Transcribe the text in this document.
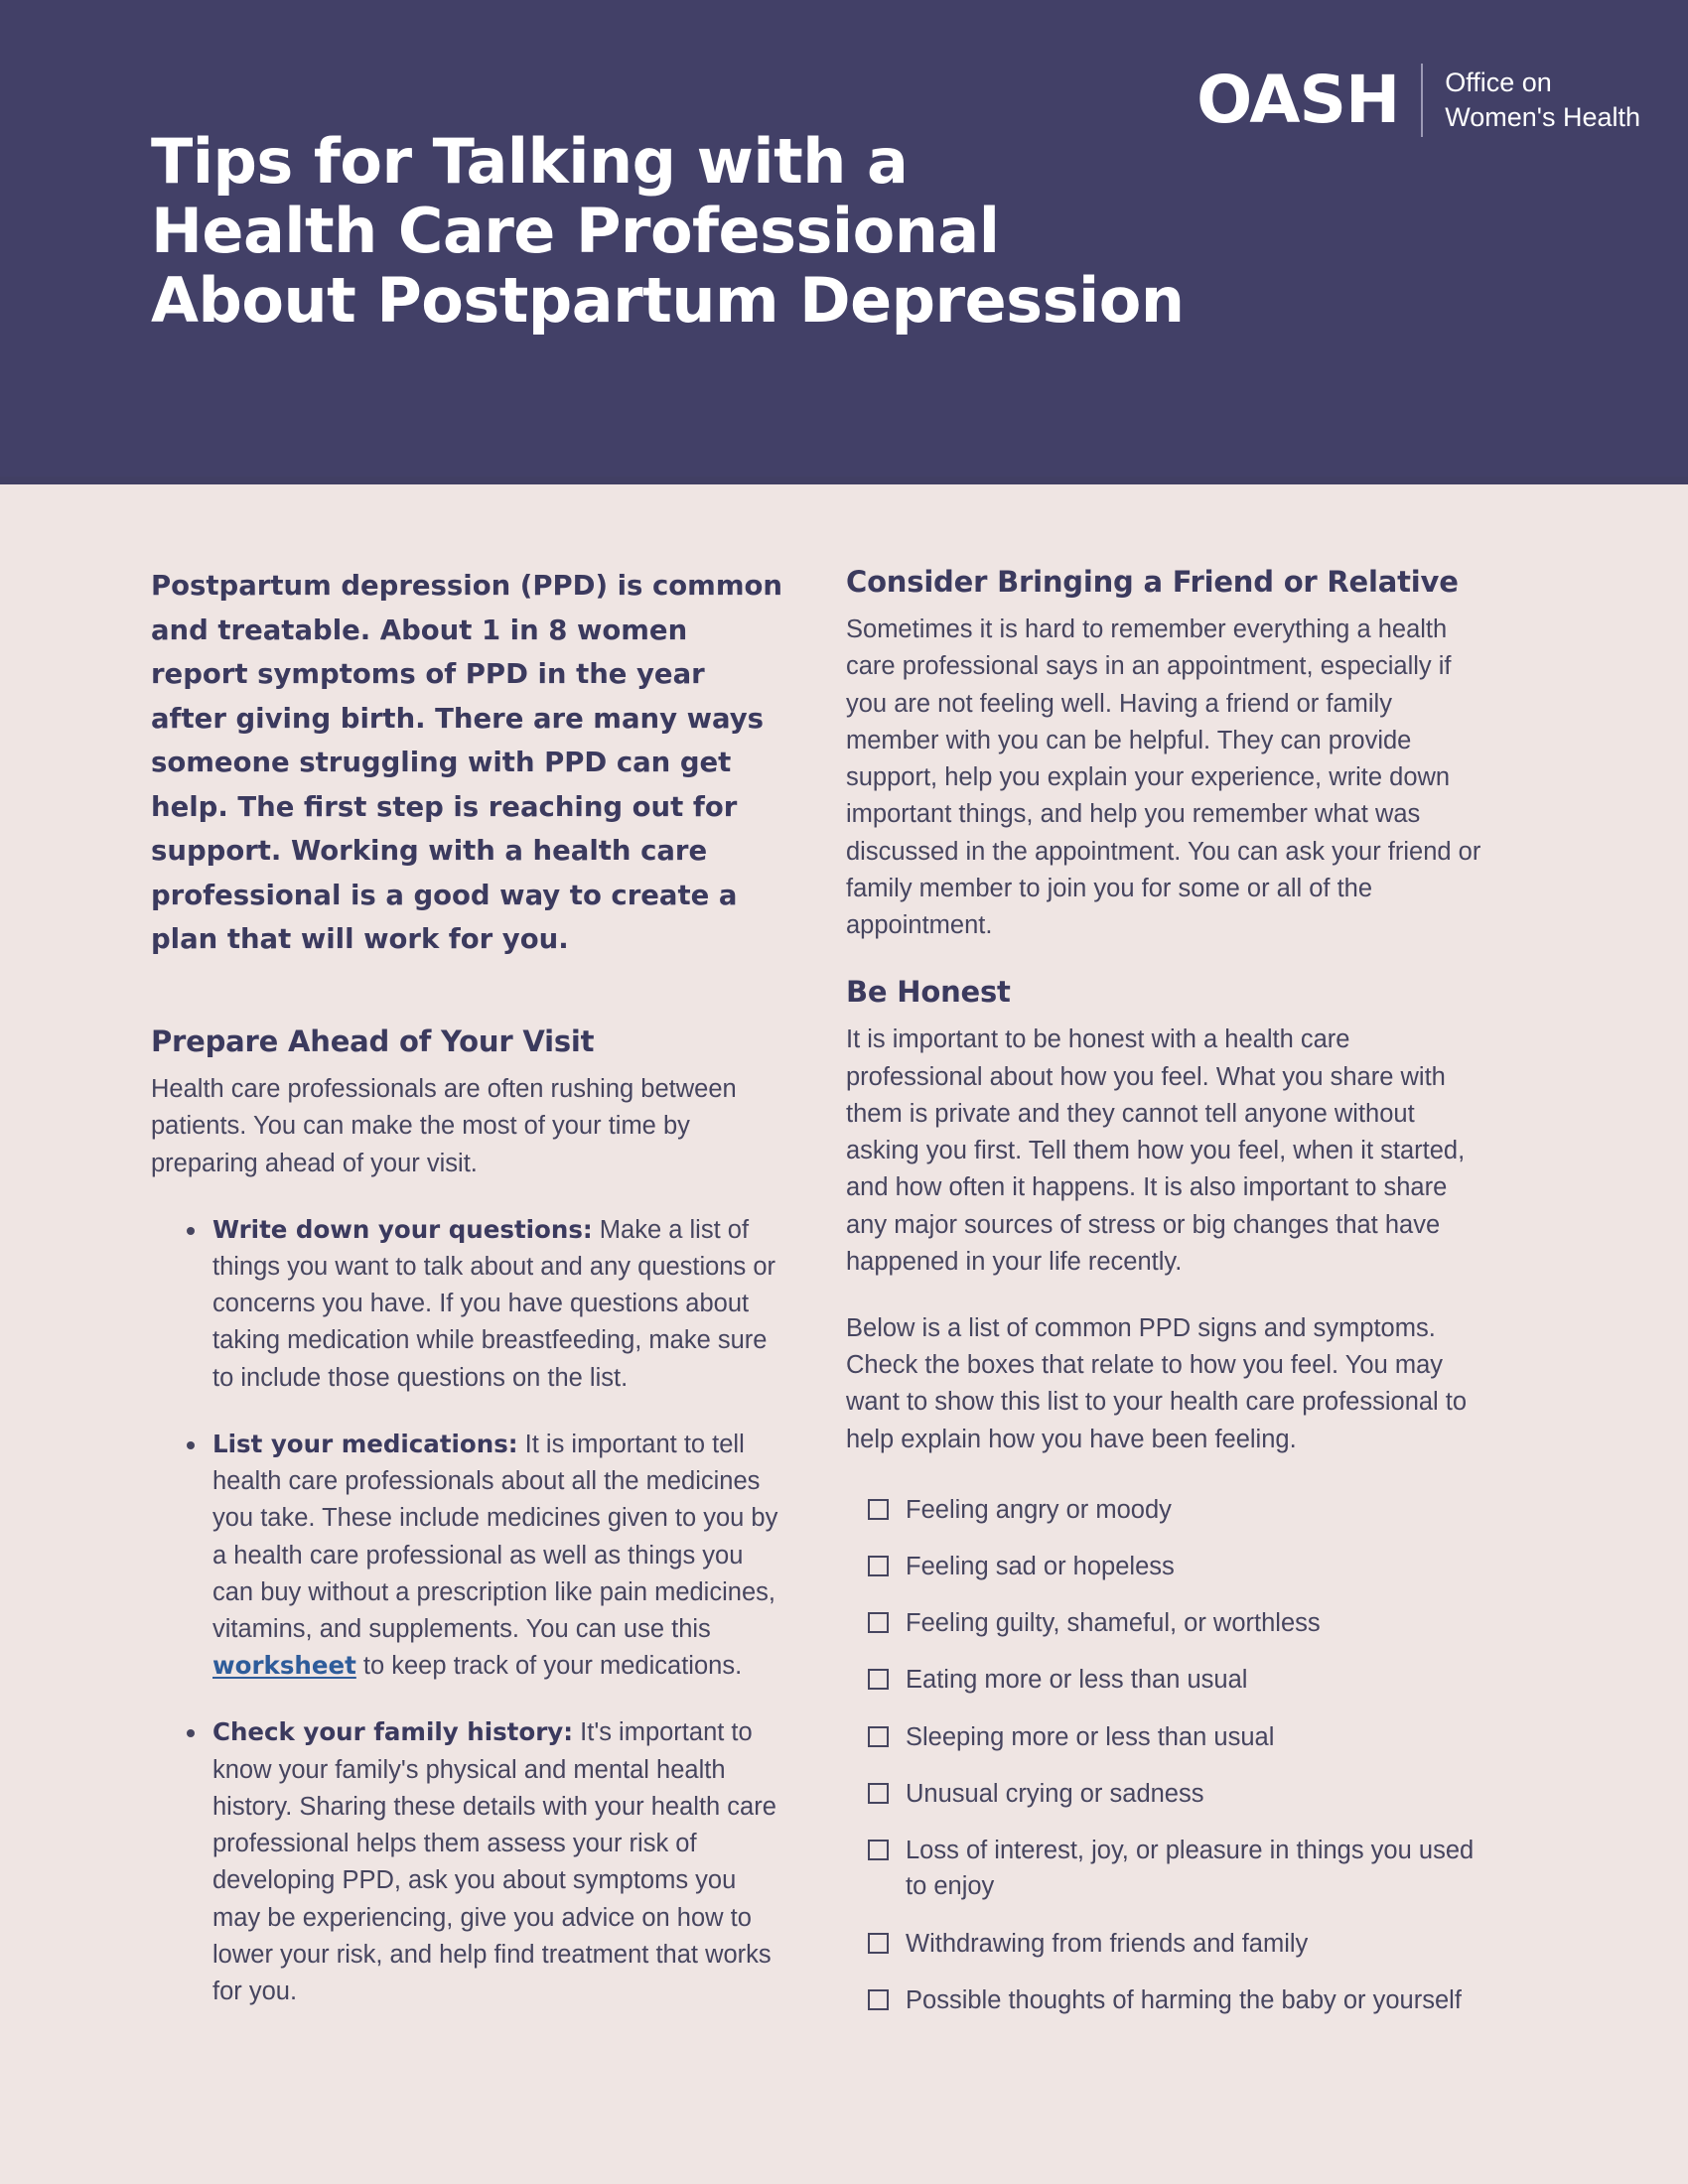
OASH	Office on
Women's Health
Tips for Talking with a
Health Care Professional
About Postpartum Depression

Postpartum depression (PPD) is common and treatable. About 1 in 8 women report symptoms of PPD in the year after giving birth. There are many ways someone struggling with PPD can get help. The first step is reaching out for support. Working with a health care professional is a good way to create a plan that will work for you.

Prepare Ahead of Your Visit

Health care professionals are often rushing between patients. You can make the most of your time by preparing ahead of your visit.

Write down your questions: Make a list of things you want to talk about and any questions or concerns you have. If you have questions about taking medication while breastfeeding, make sure to include those questions on the list.
List your medications: It is important to tell health care professionals about all the medicines you take. These include medicines given to you by a health care professional as well as things you can buy without a prescription like pain medicines, vitamins, and supplements. You can use this worksheet to keep track of your medications.
Check your family history: It's important to know your family's physical and mental health history. Sharing these details with your health care professional helps them assess your risk of developing PPD, ask you about symptoms you may be experiencing, give you advice on how to lower your risk, and help find treatment that works for you.
Consider Bringing a Friend or Relative

Sometimes it is hard to remember everything a health care professional says in an appointment, especially if you are not feeling well. Having a friend or family member with you can be helpful. They can provide support, help you explain your experience, write down important things, and help you remember what was discussed in the appointment. You can ask your friend or family member to join you for some or all of the appointment.

Be Honest

It is important to be honest with a health care professional about how you feel. What you share with them is private and they cannot tell anyone without asking you first. Tell them how you feel, when it started, and how often it happens. It is also important to share any major sources of stress or big changes that have happened in your life recently.

Below is a list of common PPD signs and symptoms. Check the boxes that relate to how you feel. You may want to show this list to your health care professional to help explain how you have been feeling.

Feeling angry or moody
Feeling sad or hopeless
Feeling guilty, shameful, or worthless
Eating more or less than usual
Sleeping more or less than usual
Unusual crying or sadness
Loss of interest, joy, or pleasure in things you used to enjoy
Withdrawing from friends and family
Possible thoughts of harming the baby or yourself
